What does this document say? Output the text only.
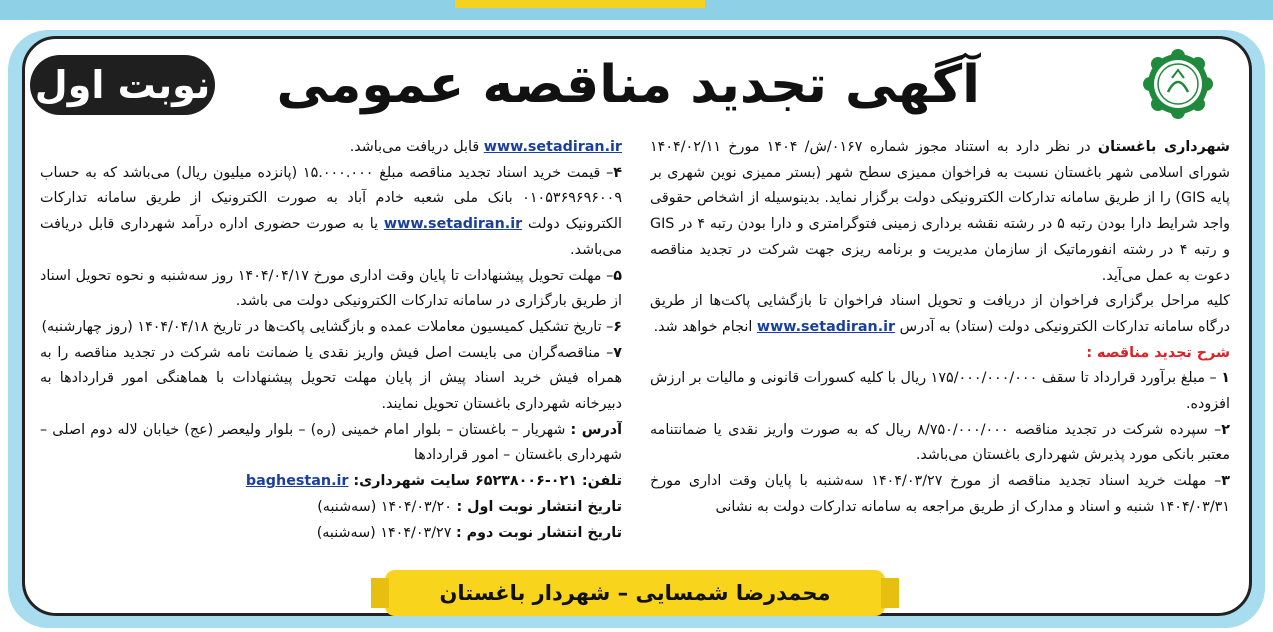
آگهی تجدید مناقصه عمومی
نوبت اول

شهرداری باغستان در نظر دارد به استناد مجوز شماره ۰۱۶۷/ش/ ۱۴۰۴ مورخ ۱۴۰۴/۰۲/۱۱ شورای اسلامی شهر باغستان نسبت به فراخوان مميزی سطح شهر (بستر مميزی نوين شهری بر پايه GIS) را از طريق سامانه تداركات الكترونيكی دولت برگزار نمايد. بدينوسيله از اشخاص حقوقی واجد شرايط دارا بودن رتبه ۵ در رشته نقشه برداری زمينی فتوگرامتری و دارا بودن رتبه ۴ در GIS و رتبه ۴ در رشته انفورماتيک از سازمان مديريت و برنامه ريزی جهت شركت در تجديد مناقصه دعوت به عمل می‌آيد.

كليه مراحل برگزاری فراخوان از دريافت و تحويل اسناد فراخوان تا بازگشايی پاكت‌ها از طريق درگاه سامانه تداركات الكترونيكی دولت (ستاد) به آدرس www.setadiran.ir انجام خواهد شد.

شرح تجديد مناقصه :

۱ – مبلغ برآورد قرارداد تا سقف ۱۷۵/۰۰۰/۰۰۰/۰۰۰ ريال با كليه كسورات قانونی و ماليات بر ارزش افزوده.

۲– سپرده شركت در تجديد مناقصه ۸/۷۵۰/۰۰۰/۰۰۰ ريال كه به صورت واريز نقدی يا ضمانتنامه معتبر بانكی مورد پذيرش شهرداری باغستان می‌باشد.

۳– مهلت خريد اسناد تجديد مناقصه از مورخ ۱۴۰۴/۰۳/۲۷ سه‌شنبه با پايان وقت اداری مورخ ۱۴۰۴/۰۳/۳۱ شنبه و اسناد و مدارک از طريق مراجعه به سامانه تداركات دولت به نشانی

www.setadiran.ir قابل دريافت می‌باشد.

۴– قيمت خريد اسناد تجديد مناقصه مبلغ ۱۵.۰۰۰.۰۰۰ (پانزده ميليون ريال) می‌باشد كه به حساب ۰۱۰۵۳۶۹۶۹۶۰۰۹ بانک ملی شعبه خادم آباد به صورت الكترونيک از طريق سامانه تداركات الكترونيک دولت www.setadiran.ir يا به صورت حضوری اداره درآمد شهرداری قابل دريافت می‌باشد.

۵– مهلت تحويل پيشنهادات تا پايان وقت اداری مورخ ۱۴۰۴/۰۴/۱۷ روز سه‌شنبه و نحوه تحويل اسناد از طريق بارگزاری در سامانه تداركات الكترونيكی دولت می باشد.

۶– تاريخ تشكيل كميسيون معاملات عمده و بازگشايی پاكت‌ها در تاريخ ۱۴۰۴/۰۴/۱۸ (روز چهارشنبه)

۷– مناقصه‌گران می بايست اصل فيش واريز نقدی يا ضمانت نامه شركت در تجديد مناقصه را به همراه فيش خريد اسناد پيش از پايان مهلت تحويل پيشنهادات با هماهنگی امور قراردادها به دبيرخانه شهرداری باغستان تحويل نمايند.

آدرس : شهريار – باغستان – بلوار امام خمينی (ره) – بلوار وليعصر (عج) خيابان لاله دوم اصلی – شهرداری باغستان – امور قراردادها

تلفن: ۰۲۱-۶۵۲۳۸۰۰۶ سایت شهرداری: baghestan.ir

تاريخ انتشار نوبت اول : ۱۴۰۴/۰۳/۲۰ (سه‌شنبه)

تاريخ انتشار نوبت دوم : ۱۴۰۴/۰۳/۲۷ (سه‌شنبه)

محمدرضا شمسایی – شهردار باغستان
